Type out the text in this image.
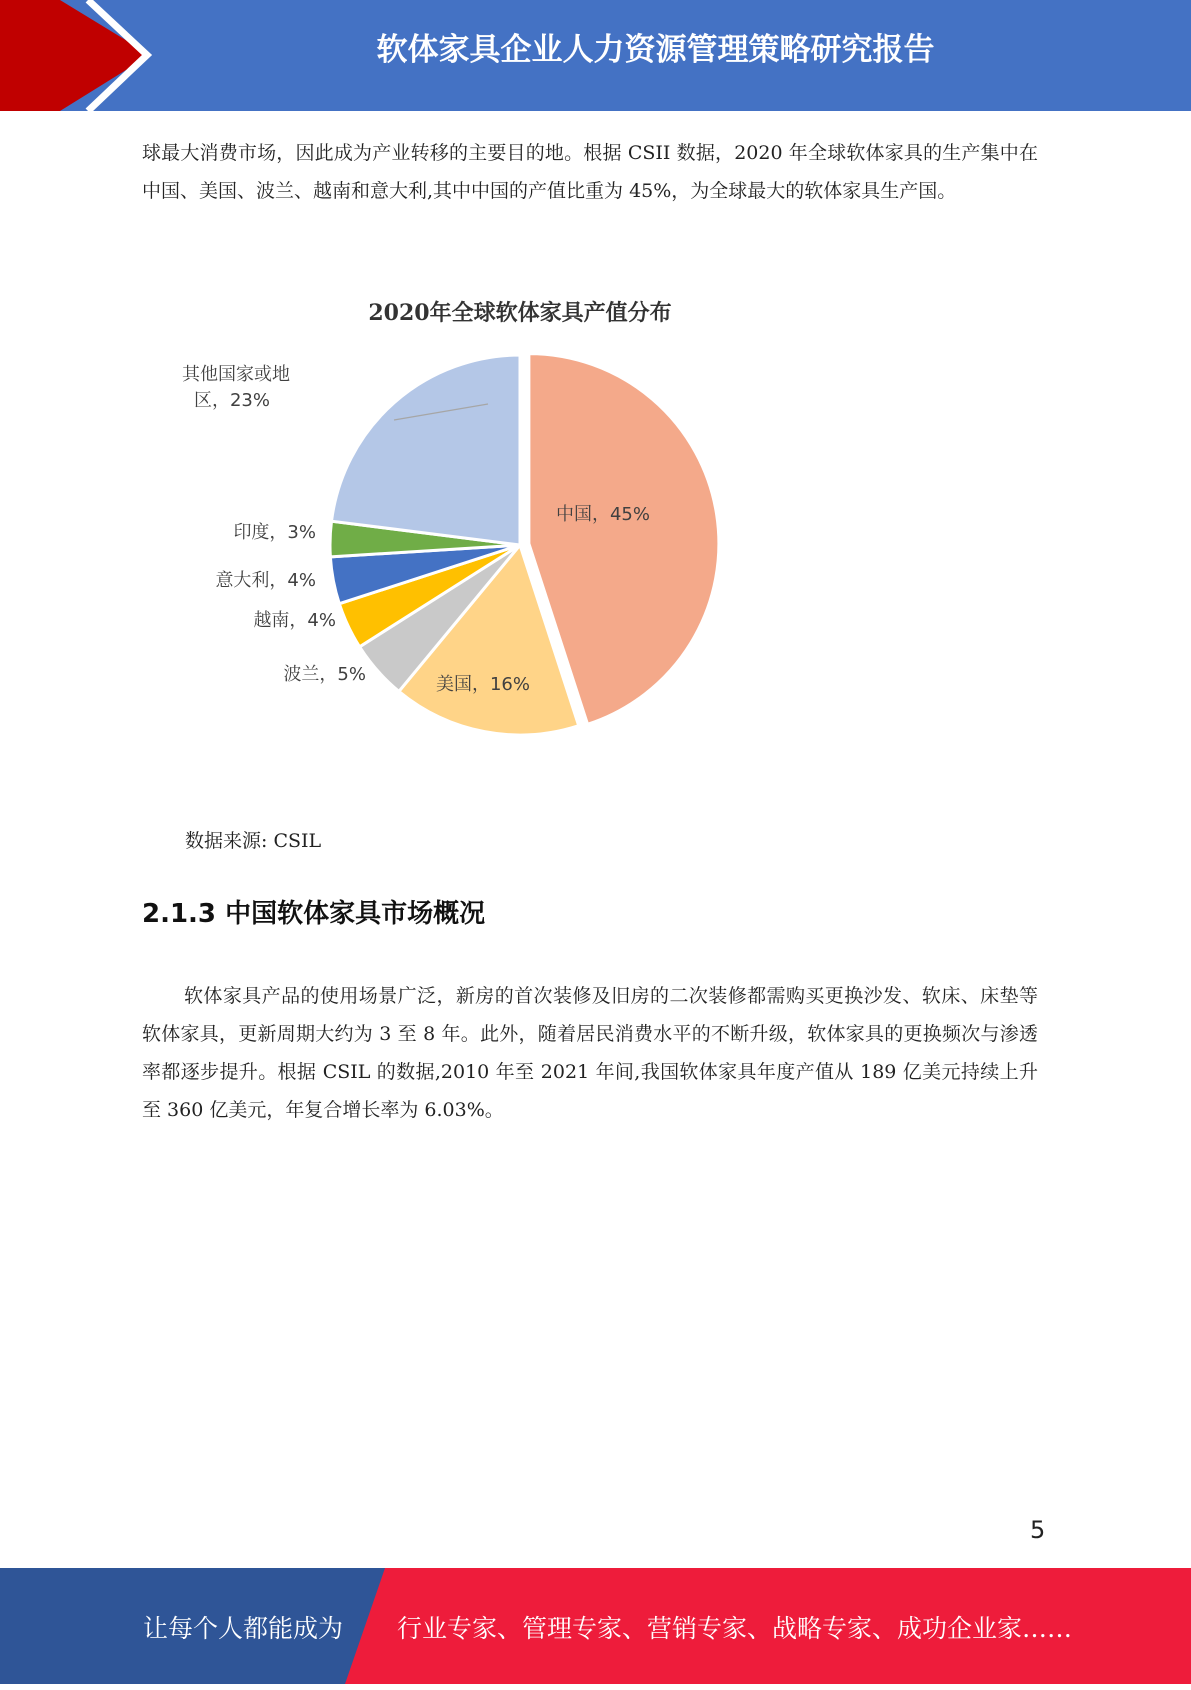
软体家具企业人力资源管理策略研究报告

球最大消费市场，因此成为产业转移的主要目的地。根据 CSII 数据，2020 年全球软体家具的生产集中在中国、美国、波兰、越南和意大利,其中中国的产值比重为 45%，为全球最大的软体家具生产国。

2020年全球软体家具产值分布
中国，45%
美国，16%
波兰，5%
越南，4%
意大利，4%
印度，3%
其他国家或地区，23%
数据来源: CSIL
2.1.3 中国软体家具市场概况

软体家具产品的使用场景广泛，新房的首次装修及旧房的二次装修都需购买更换沙发、软床、床垫等软体家具，更新周期大约为 3 至 8 年。此外，随着居民消费水平的不断升级，软体家具的更换频次与渗透率都逐步提升。根据 CSIL 的数据,2010 年至 2021 年间,我国软体家具年度产值从 189 亿美元持续上升至 360 亿美元，年复合增长率为 6.03%。

5
让每个人都能成为 行业专家、管理专家、营销专家、战略专家、成功企业家……
